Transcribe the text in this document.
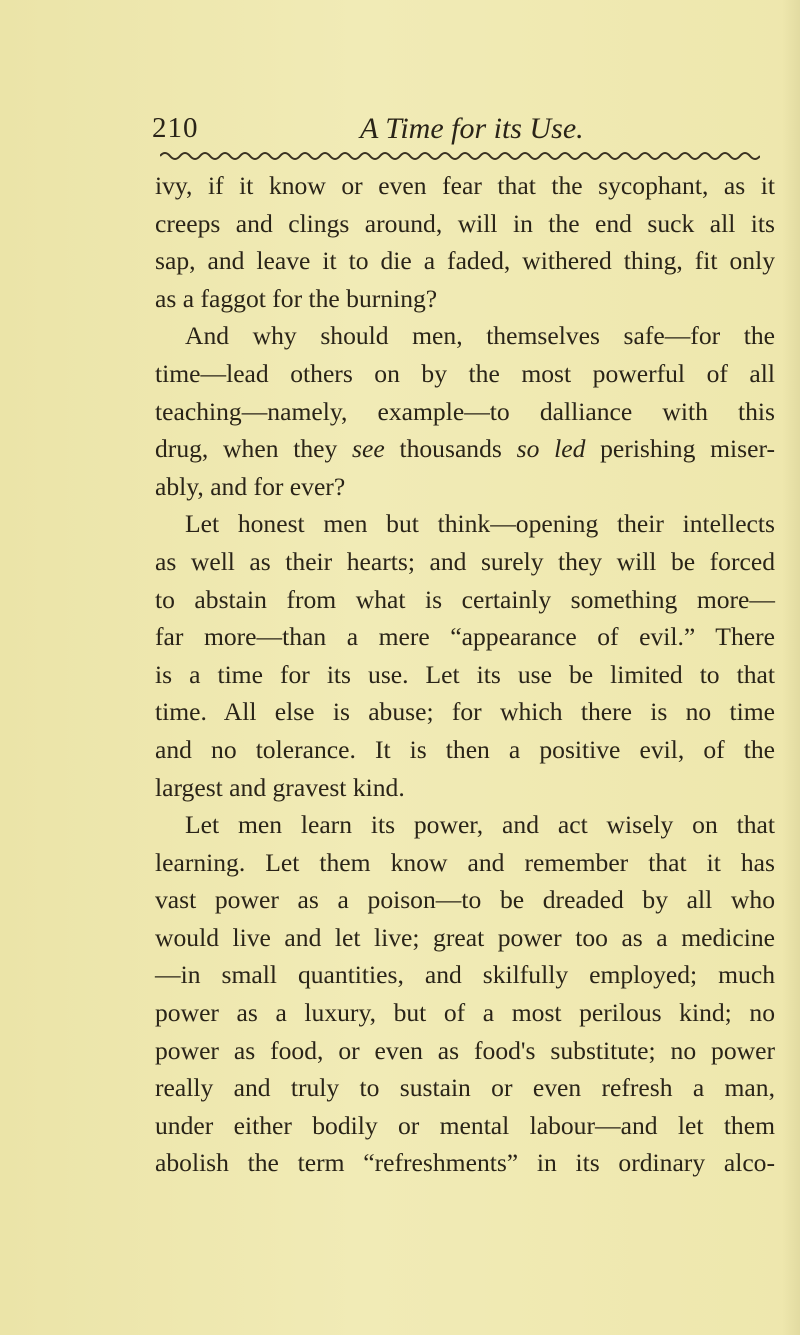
210	A Time for its Use.

ivy, if it know or even fear that the sycophant, as it
creeps and clings around, will in the end suck all its
sap, and leave it to die a faded, withered thing, fit only
as a faggot for the burning?

And why should men, themselves safe—for the
time—lead others on by the most powerful of all
teaching—namely, example—to dalliance with this
drug, when they see thousands so led perishing miser-
ably, and for ever?

Let honest men but think—opening their intellects
as well as their hearts; and surely they will be forced
to abstain from what is certainly something more—
far more—than a mere “appearance of evil.” There
is a time for its use. Let its use be limited to that
time. All else is abuse; for which there is no time
and no tolerance. It is then a positive evil, of the
largest and gravest kind.

Let men learn its power, and act wisely on that
learning. Let them know and remember that it has
vast power as a poison—to be dreaded by all who
would live and let live; great power too as a medicine
—in small quantities, and skilfully employed; much
power as a luxury, but of a most perilous kind; no
power as food, or even as food's substitute; no power
really and truly to sustain or even refresh a man,
under either bodily or mental labour—and let them
abolish the term “refreshments” in its ordinary alco-
